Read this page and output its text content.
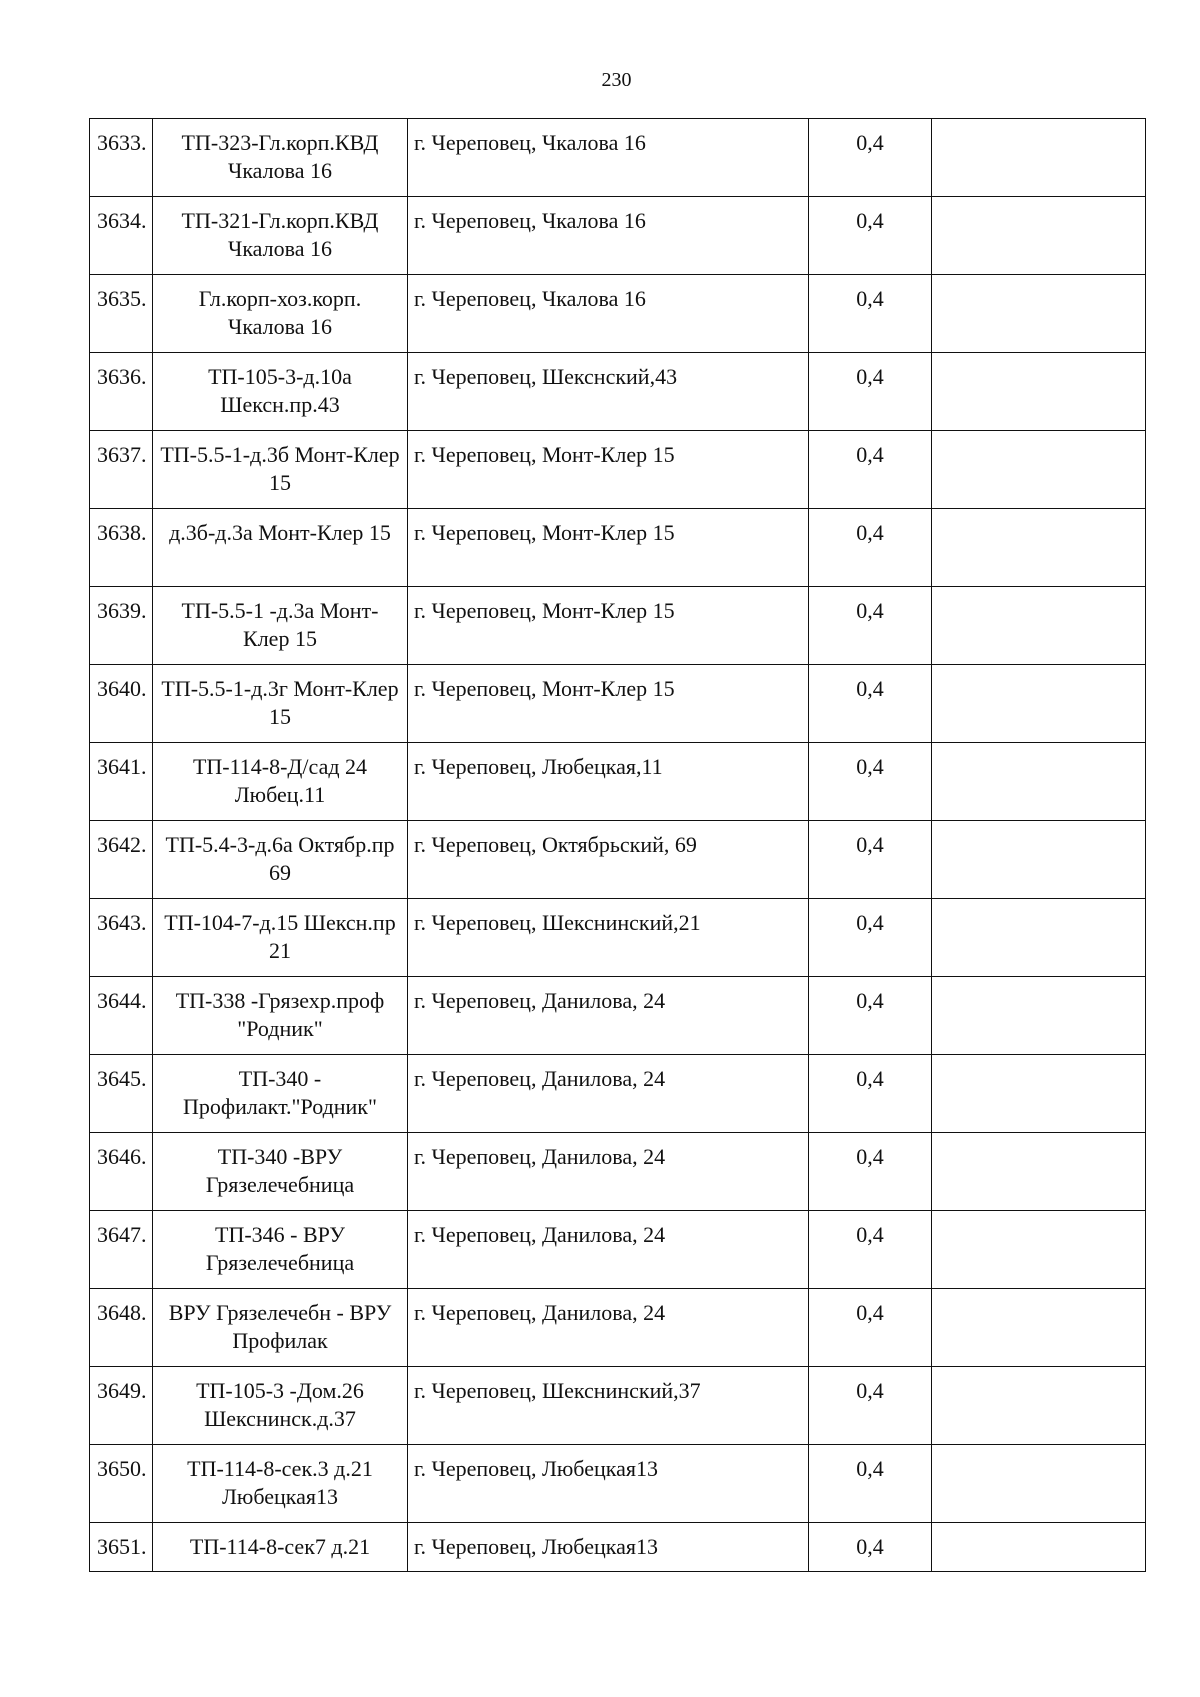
230
3633.	ТП-323-Гл.корп.КВД Чкалова 16	г. Череповец, Чкалова 16	0,4	
3634.	ТП-321-Гл.корп.КВД Чкалова 16	г. Череповец, Чкалова 16	0,4	
3635.	Гл.корп-хоз.корп. Чкалова 16	г. Череповец, Чкалова 16	0,4	
3636.	ТП-105-3-д.10а Шексн.пр.43	г. Череповец, Шекснский,43	0,4	
3637.	ТП-5.5-1-д.3б Монт-Клер 15	г. Череповец, Монт-Клер 15	0,4	
3638.	д.3б-д.3а Монт-Клер 15	г. Череповец, Монт-Клер 15	0,4	
3639.	ТП-5.5-1 -д.3а Монт-Клер 15	г. Череповец, Монт-Клер 15	0,4	
3640.	ТП-5.5-1-д.3г Монт-Клер 15	г. Череповец, Монт-Клер 15	0,4	
3641.	ТП-114-8-Д/сад 24 Любец.11	г. Череповец, Любецкая,11	0,4	
3642.	ТП-5.4-3-д.6а Октябр.пр 69	г. Череповец, Октябрьский, 69	0,4	
3643.	ТП-104-7-д.15 Шексн.пр 21	г. Череповец, Шекснинский,21	0,4	
3644.	ТП-338 -Грязехр.проф "Родник"	г. Череповец, Данилова, 24	0,4	
3645.	ТП-340 - Профилакт."Родник"	г. Череповец, Данилова, 24	0,4	
3646.	ТП-340 -ВРУ Грязелечебница	г. Череповец, Данилова, 24	0,4	
3647.	ТП-346 - ВРУ Грязелечебница	г. Череповец, Данилова, 24	0,4	
3648.	ВРУ Грязелечебн - ВРУ Профилак	г. Череповец, Данилова, 24	0,4	
3649.	ТП-105-3 -Дом.26 Шекснинск.д.37	г. Череповец, Шекснинский,37	0,4	
3650.	ТП-114-8-сек.3 д.21 Любецкая13	г. Череповец, Любецкая13	0,4	
3651.	ТП-114-8-сек7 д.21	г. Череповец, Любецкая13	0,4	
